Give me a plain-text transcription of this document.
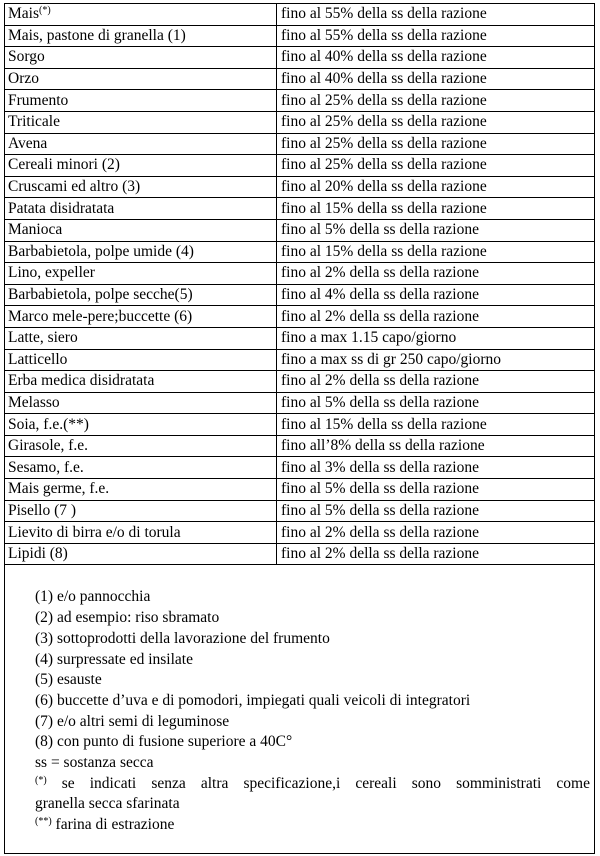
Mais(*)	fino al 55% della ss della razione
Mais, pastone di granella (1)	fino al 55% della ss della razione
Sorgo	fino al 40% della ss della razione
Orzo	fino al 40% della ss della razione
Frumento	fino al 25% della ss della razione
Triticale	fino al 25% della ss della razione
Avena	fino al 25% della ss della razione
Cereali minori (2)	fino al 25% della ss della razione
Cruscami ed altro (3)	fino al 20% della ss della razione
Patata disidratata	fino al 15% della ss della razione
Manioca	fino al 5% della ss della razione
Barbabietola, polpe umide (4)	fino al 15% della ss della razione
Lino, expeller	fino al 2% della ss della razione
Barbabietola, polpe secche(5)	fino al 4% della ss della razione
Marco mele-pere;buccette (6)	fino al 2% della ss della razione
Latte, siero	fino a max 1.15 capo/giorno
Latticello	fino a max ss di gr 250 capo/giorno
Erba medica disidratata	fino al 2% della ss della razione
Melasso	fino al 5% della ss della razione
Soia, f.e.(**)	fino al 15% della ss della razione
Girasole, f.e.	fino all’8% della ss della razione
Sesamo, f.e.	fino al 3% della ss della razione
Mais germe, f.e.	fino al 5% della ss della razione
Pisello (7 )	fino al 5% della ss della razione
Lievito di birra e/o di torula	fino al 2% della ss della razione
Lipidi (8)	fino al 2% della ss della razione
(1) e/o pannocchia
(2) ad esempio: riso sbramato
(3) sottoprodotti della lavorazione del frumento
(4) surpressate ed insilate
(5) esauste
(6) buccette d’uva e di pomodori, impiegati quali veicoli di integratori
(7) e/o altri semi di leguminose
(8) con punto di fusione superiore a 40C°
ss = sostanza secca
(*) se indicati senza altra specificazione,i cereali sono somministrati come
granella secca sfarinata
(**) farina di estrazione
